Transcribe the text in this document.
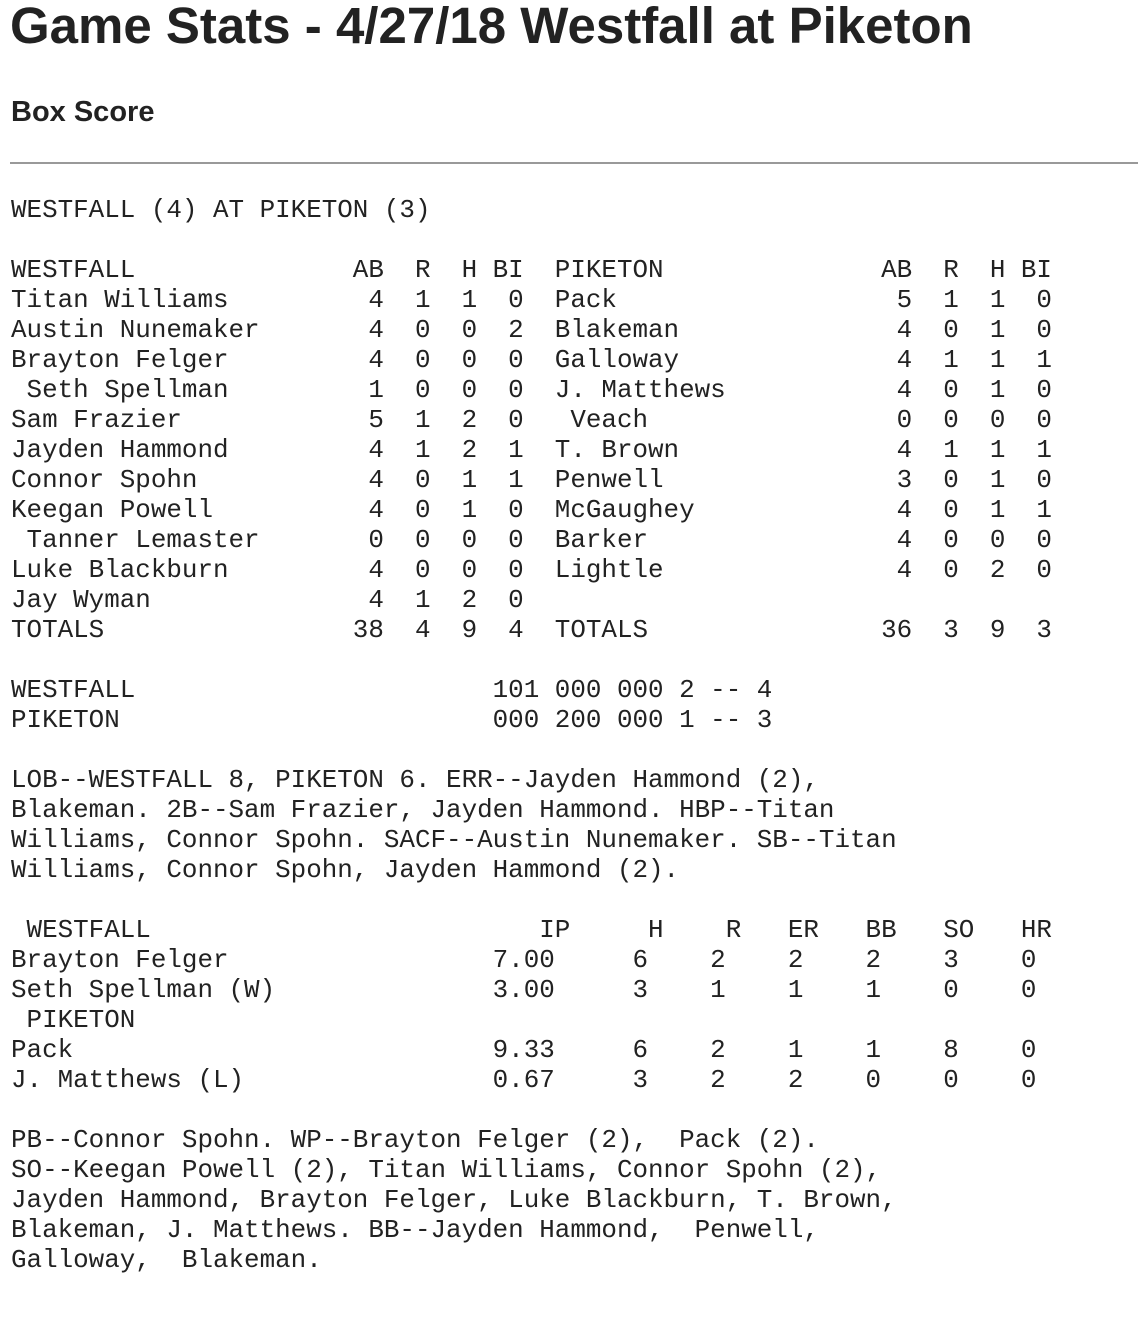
Game Stats - 4/27/18 Westfall at Piketon
Box Score
WESTFALL (4) AT PIKETON (3)
WESTFALL              AB  R  H BI  PIKETON              AB  R  H BI
Titan Williams         4  1  1  0  Pack                  5  1  1  0
Austin Nunemaker       4  0  0  2  Blakeman              4  0  1  0
Brayton Felger         4  0  0  0  Galloway              4  1  1  1
Seth Spellman         1  0  0  0  J. Matthews           4  0  1  0
Sam Frazier            5  1  2  0   Veach                0  0  0  0
Jayden Hammond         4  1  2  1  T. Brown              4  1  1  1
Connor Spohn           4  0  1  1  Penwell               3  0  1  0
Keegan Powell          4  0  1  0  McGaughey             4  0  1  1
Tanner Lemaster       0  0  0  0  Barker                4  0  0  0
Luke Blackburn         4  0  0  0  Lightle               4  0  2  0
Jay Wyman              4  1  2  0
TOTALS                38  4  9  4  TOTALS               36  3  9  3
WESTFALL                       101 000 000 2 -- 4
PIKETON                        000 200 000 1 -- 3
LOB--WESTFALL 8, PIKETON 6. ERR--Jayden Hammond (2),
Blakeman. 2B--Sam Frazier, Jayden Hammond. HBP--Titan
Williams, Connor Spohn. SACF--Austin Nunemaker. SB--Titan
Williams, Connor Spohn, Jayden Hammond (2).
WESTFALL                         IP     H    R   ER   BB   SO   HR
Brayton Felger                 7.00     6    2    2    2    3    0
Seth Spellman (W)              3.00     3    1    1    1    0    0
PIKETON
Pack                           9.33     6    2    1    1    8    0
J. Matthews (L)                0.67     3    2    2    0    0    0
PB--Connor Spohn. WP--Brayton Felger (2),  Pack (2).
SO--Keegan Powell (2), Titan Williams, Connor Spohn (2),
Jayden Hammond, Brayton Felger, Luke Blackburn, T. Brown,
Blakeman, J. Matthews. BB--Jayden Hammond,  Penwell,
Galloway,  Blakeman.
